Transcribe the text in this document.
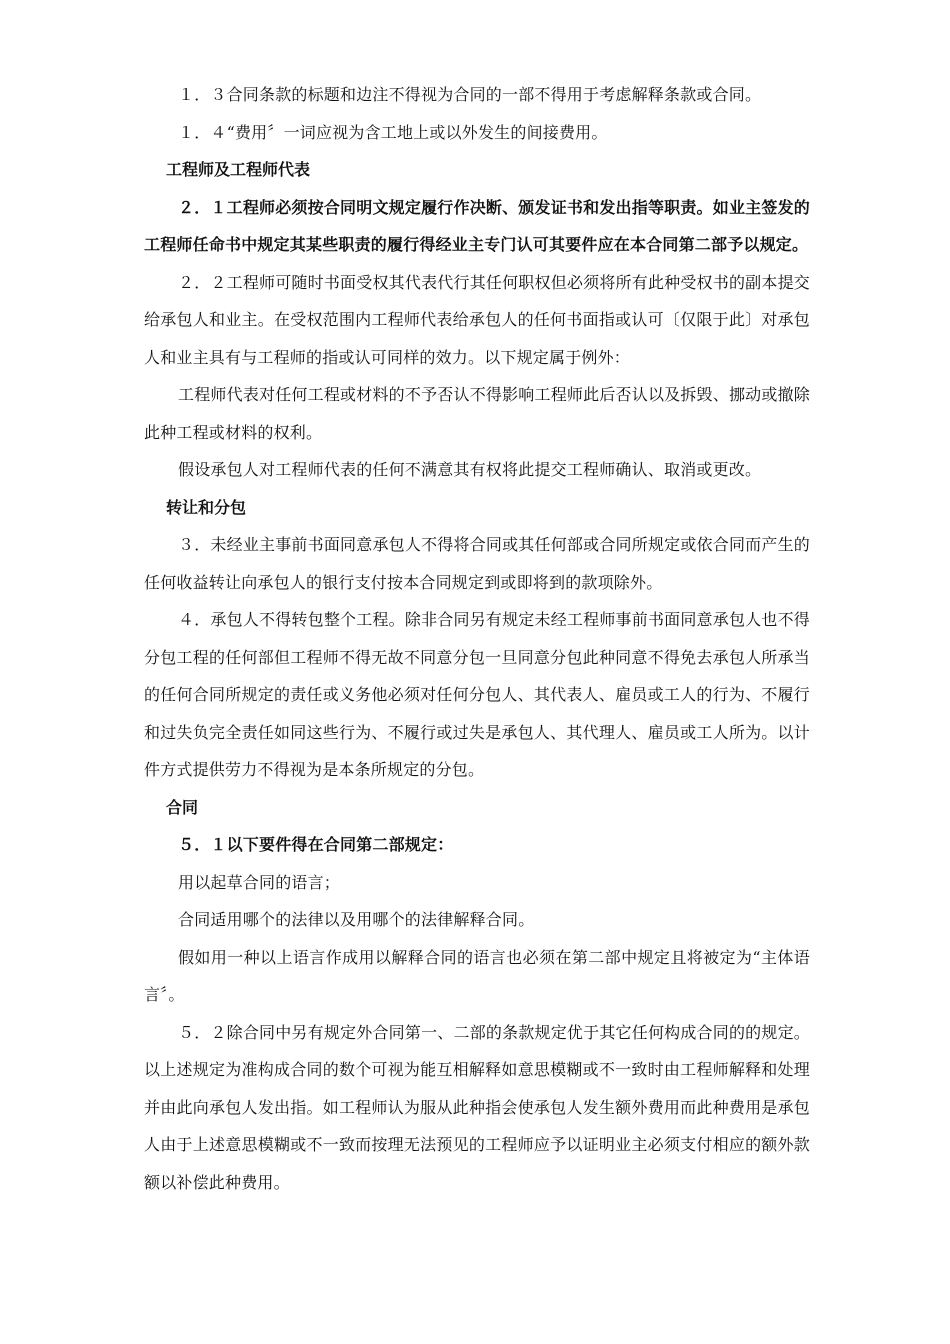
１．３合同条款的标题和边注不得视为合同的一部不得用于考虑解释条款或合同。

１．４“费用〞一词应视为含工地上或以外发生的间接费用。

工程师及工程师代表

２．１工程师必须按合同明文规定履行作决断、颁发证书和发出指等职责。如业主签发的工程师任命书中规定其某些职责的履行得经业主专门认可其要件应在本合同第二部予以规定。

２．２工程师可随时书面受权其代表代行其任何职权但必须将所有此种受权书的副本提交给承包人和业主。在受权范围内工程师代表给承包人的任何书面指或认可〔仅限于此〕对承包人和业主具有与工程师的指或认可同样的效力。以下规定属于例外：

工程师代表对任何工程或材料的不予否认不得影响工程师此后否认以及拆毁、挪动或撤除此种工程或材料的权利。

假设承包人对工程师代表的任何不满意其有权将此提交工程师确认、取消或更改。

转让和分包

３．未经业主事前书面同意承包人不得将合同或其任何部或合同所规定或依合同而产生的任何收益转让向承包人的银行支付按本合同规定到或即将到的款项除外。

４．承包人不得转包整个工程。除非合同另有规定未经工程师事前书面同意承包人也不得分包工程的任何部但工程师不得无故不同意分包一旦同意分包此种同意不得免去承包人所承当的任何合同所规定的责任或义务他必须对任何分包人、其代表人、雇员或工人的行为、不履行和过失负完全责任如同这些行为、不履行或过失是承包人、其代理人、雇员或工人所为。以计件方式提供劳力不得视为是本条所规定的分包。

合同

５．１以下要件得在合同第二部规定：

用以起草合同的语言；

合同适用哪个的法律以及用哪个的法律解释合同。

假如用一种以上语言作成用以解释合同的语言也必须在第二部中规定且将被定为“主体语言〞。

５．２除合同中另有规定外合同第一、二部的条款规定优于其它任何构成合同的的规定。以上述规定为准构成合同的数个可视为能互相解释如意思模糊或不一致时由工程师解释和处理并由此向承包人发出指。如工程师认为服从此种指会使承包人发生额外费用而此种费用是承包人由于上述意思模糊或不一致而按理无法预见的工程师应予以证明业主必须支付相应的额外款额以补偿此种费用。
